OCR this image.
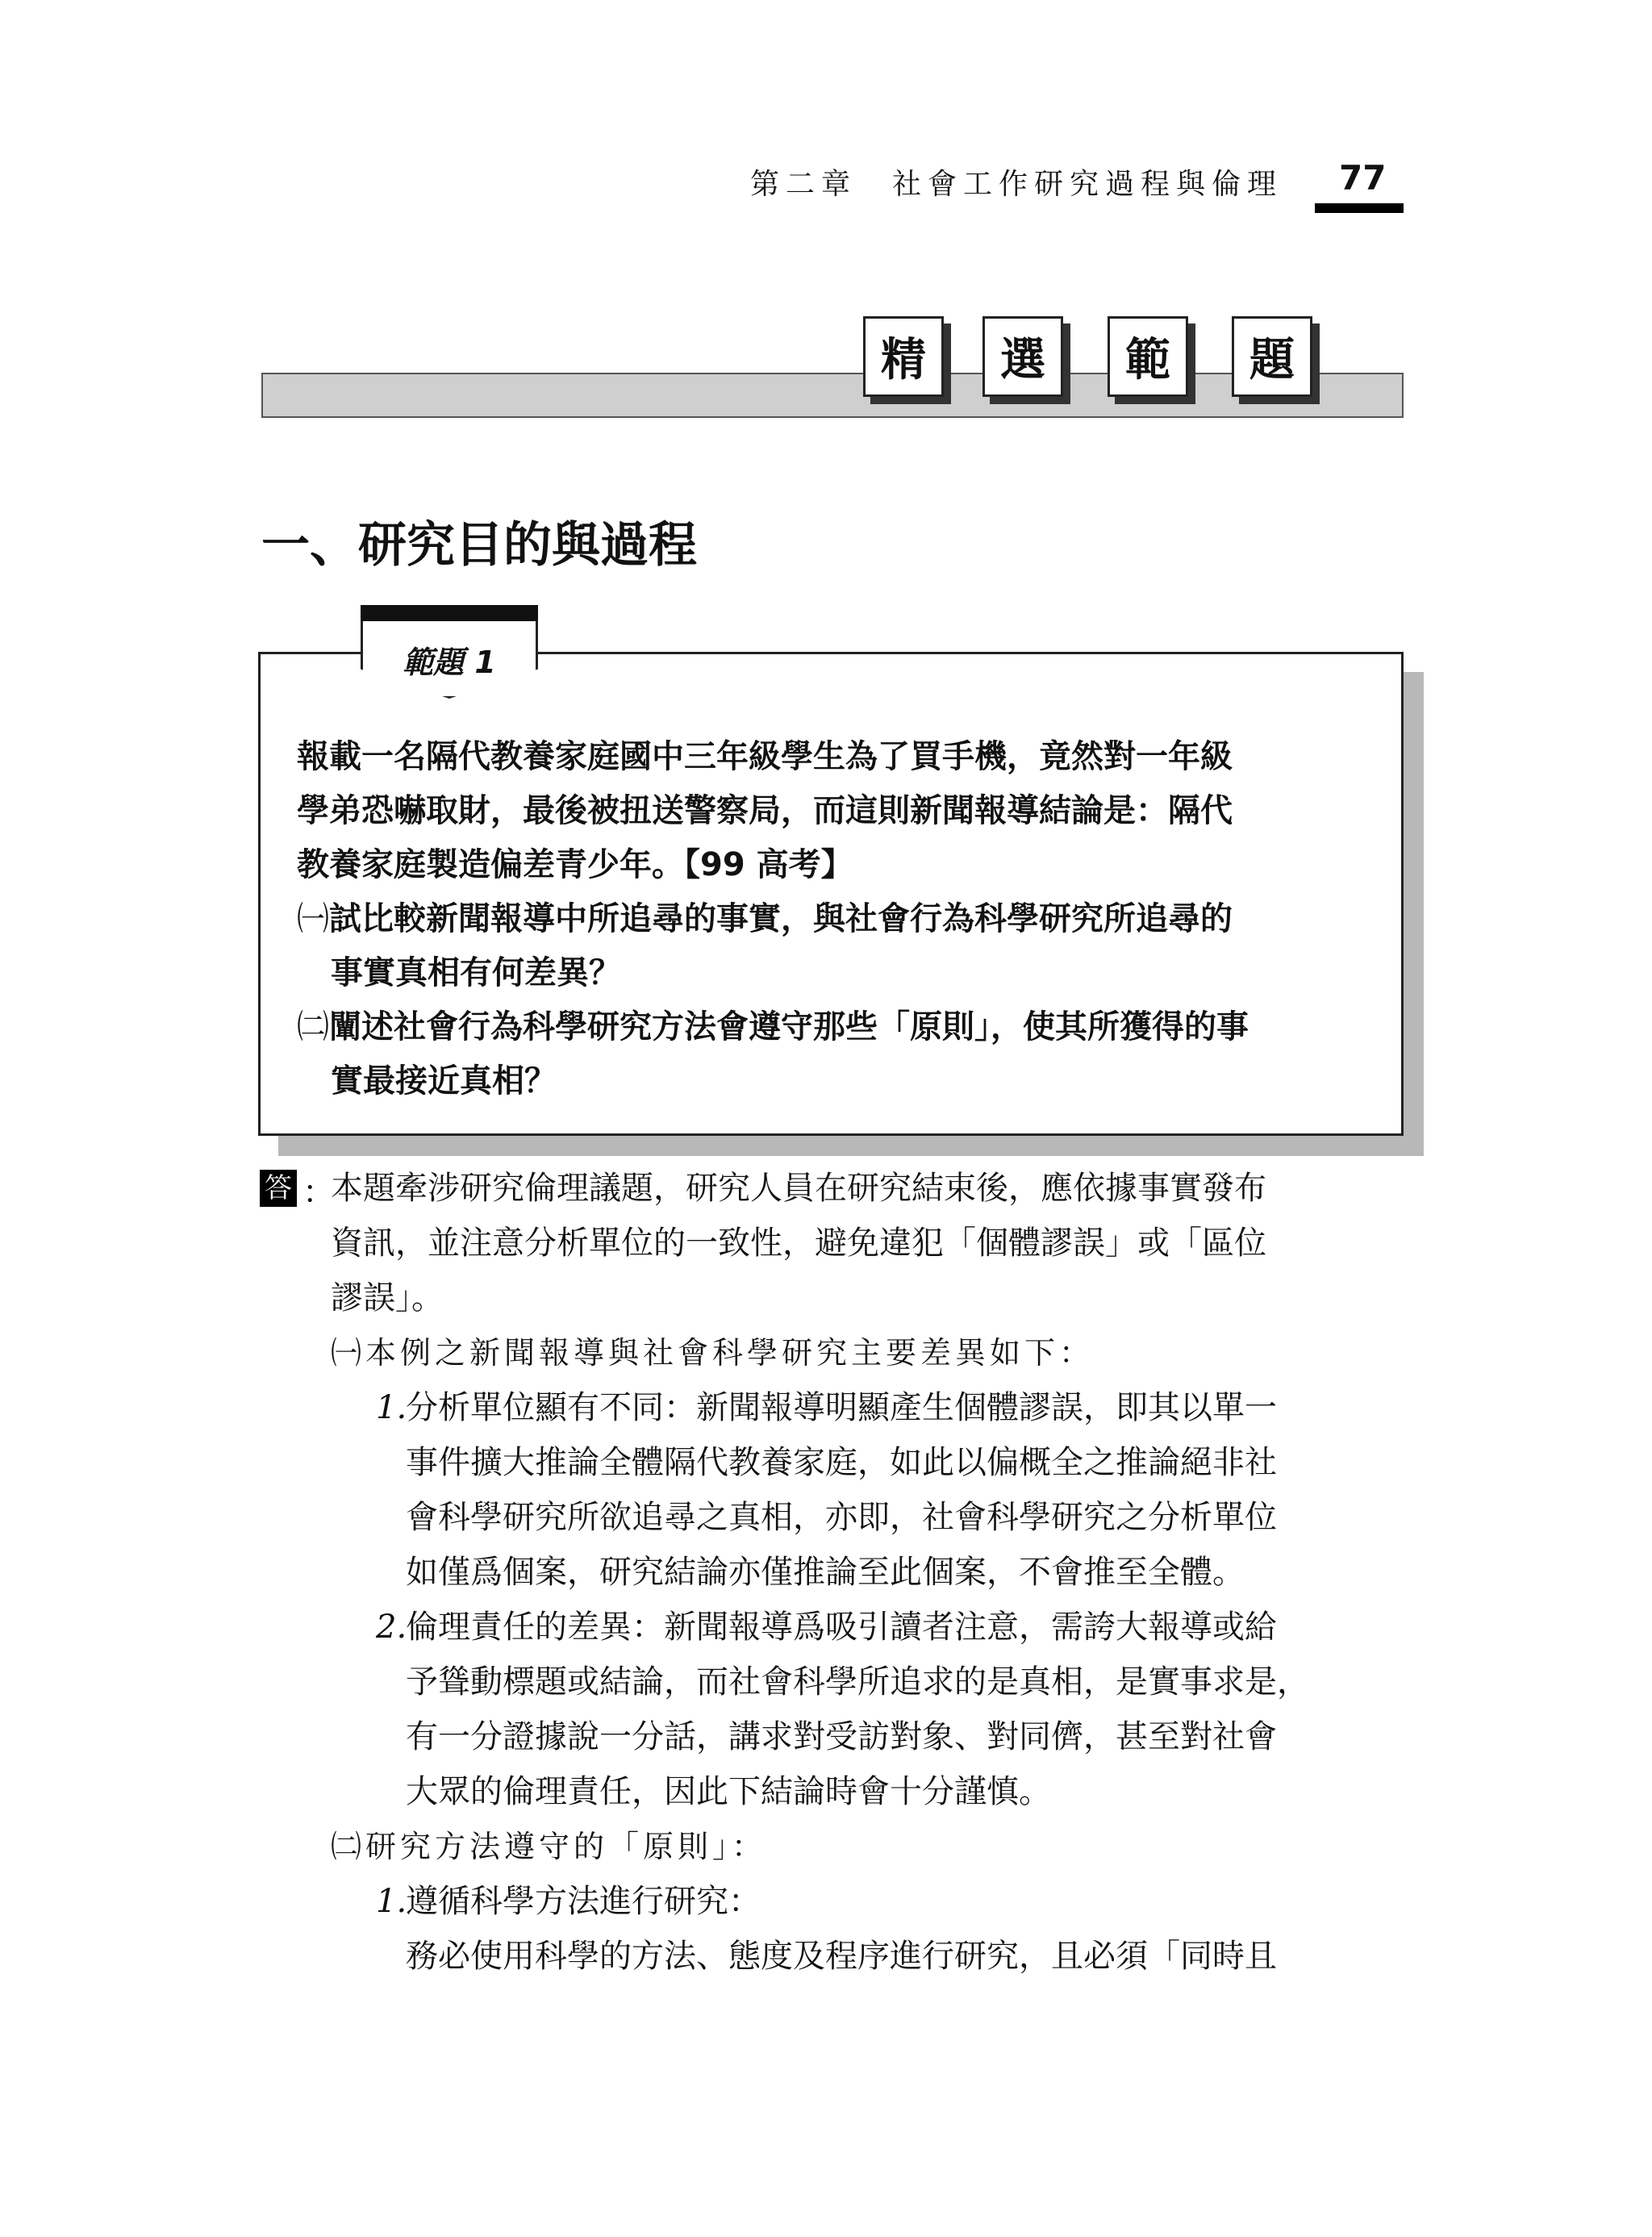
第二章　社會工作研究過程與倫理 77
精	選	範	題
一、研究目的與過程
範題 1
報載一名隔代教養家庭國中三年級學生為了買手機，竟然對一年級
學弟恐嚇取財，最後被扭送警察局，而這則新聞報導結論是：隔代
教養家庭製造偏差青少年。【99 高考】
㈠試比較新聞報導中所追尋的事實，與社會行為科學研究所追尋的
事實真相有何差異？
㈡闡述社會行為科學研究方法會遵守那些「原則」，使其所獲得的事
實最接近真相？
答 ：
本題牽涉研究倫理議題，研究人員在研究結束後，應依據事實發布
資訊，並注意分析單位的一致性，避免違犯「個體謬誤」或「區位
謬誤」。
㈠本例之新聞報導與社會科學研究主要差異如下：
1.
分析單位顯有不同：新聞報導明顯產生個體謬誤，即其以單一
事件擴大推論全體隔代教養家庭，如此以偏概全之推論絕非社
會科學研究所欲追尋之真相，亦即，社會科學研究之分析單位
如僅爲個案，研究結論亦僅推論至此個案，不會推至全體。
2.
倫理責任的差異：新聞報導爲吸引讀者注意，需誇大報導或給
予聳動標題或結論，而社會科學所追求的是真相，是實事求是，
有一分證據說一分話，講求對受訪對象、對同儕，甚至對社會
大眾的倫理責任，因此下結論時會十分謹慎。
㈡研究方法遵守的「原則」：
1.
遵循科學方法進行研究：
務必使用科學的方法、態度及程序進行研究，且必須「同時且
